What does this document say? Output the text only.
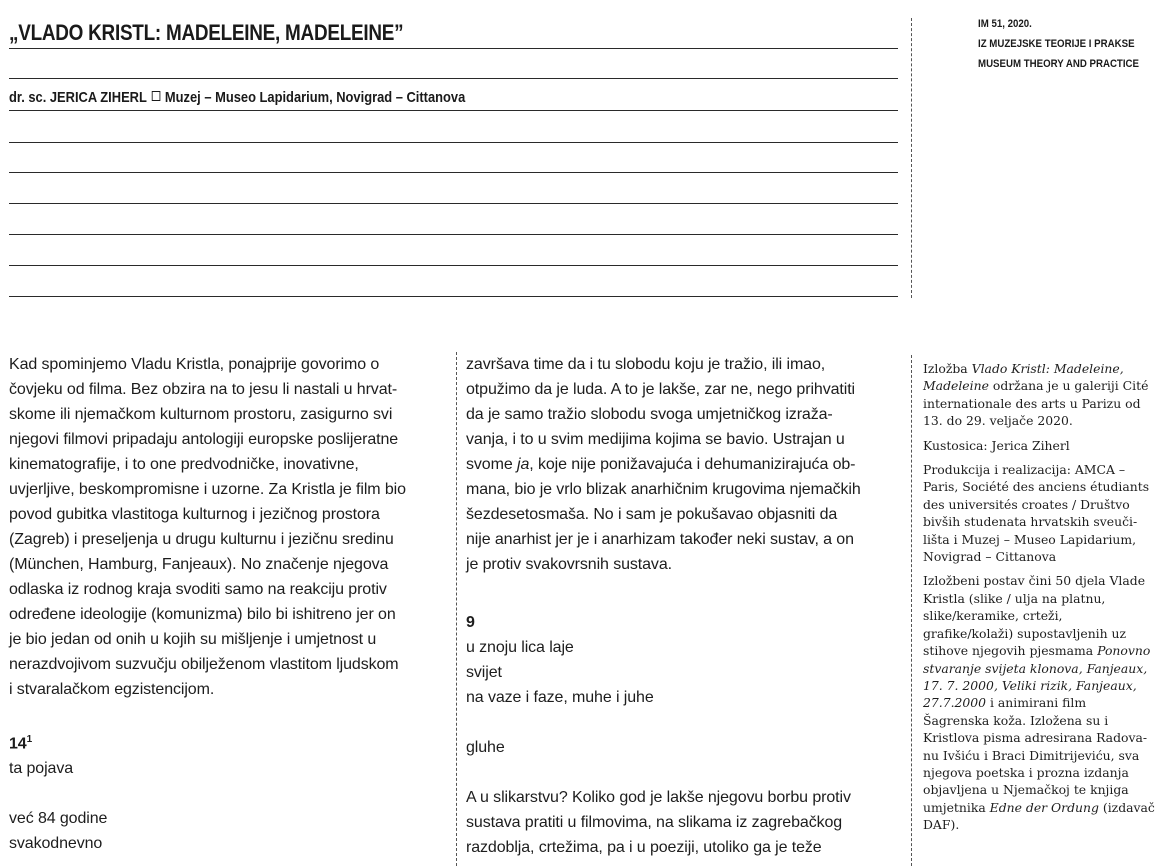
„VLADO KRISTL: MADELEINE, MADELEINE”
dr. sc. JERICA ZIHERL Muzej – Museo Lapidarium, Novigrad – Cittanova
IM 51, 2020.
IZ MUZEJSKE TEORIJE I PRAKSE
MUSEUM THEORY AND PRACTICE

Kad spominjemo Vladu Kristla, ponajprije govorimo o

čovjeku od filma. Bez obzira na to jesu li nastali u hrvat-

skome ili njemačkom kulturnom prostoru, zasigurno svi

njegovi filmovi pripadaju antologiji europske poslijeratne

kinematografije, i to one predvodničke, inovativne,

uvjerljive, beskompromisne i uzorne. Za Kristla je film bio

povod gubitka vlastitoga kulturnog i jezičnog prostora

(Zagreb) i preseljenja u drugu kulturnu i jezičnu sredinu

(München, Hamburg, Fanjeaux). No značenje njegova

odlaska iz rodnog kraja svoditi samo na reakciju protiv

određene ideologije (komunizma) bilo bi ishitreno jer on

je bio jedan od onih u kojih su mišljenje i umjetnost u

nerazdvojivom suzvučju obilježenom vlastitom ljudskom

i stvaralačkom egzistencijom.

$14^1$

ta pojava

već 84 godine

svakodnevno

završava time da i tu slobodu koju je tražio, ili imao,

otpužimo da je luda. A to je lakše, zar ne, nego prihvatiti

da je samo tražio slobodu svoga umjetničkog izraža-

vanja, i to u svim medijima kojima se bavio. Ustrajan u

svome ja, koje nije ponižavajuća i dehumanizirajuća ob-

mana, bio je vrlo blizak anarhičnim krugovima njemačkih

šezdesetosmaša. No i sam je pokušavao objasniti da

nije anarhist jer je i anarhizam također neki sustav, a on

je protiv svakovrsnih sustava.

9

u znoju lica laje

svijet

na vaze i faze, muhe i juhe

gluhe

A u slikarstvu? Koliko god je lakše njegovu borbu protiv

sustava pratiti u filmovima, na slikama iz zagrebačkog

razdoblja, crtežima, pa i u poeziji, utoliko ga je teže

Izložba Vlado Kristl: Madeleine, Madeleine održana je u galeriji Cité internationale des arts u Parizu od 13. do 29. veljače 2020.

Kustosica: Jerica Ziherl

Produkcija i realizacija: AMCA – Paris, Société des anciens étudiants des universités croates / Društvo bivših studenata hrvatskih sveuči-lišta i Muzej – Museo Lapidarium, Novigrad – Cittanova

Izložbeni postav čini 50 djela Vlade Kristla (slike / ulja na platnu, slike/keramike, crteži, grafike/kolaži) supostavljenih uz stihove njegovih pjesmama Ponovno stvaranje svijeta klonova, Fanjeaux, 17. 7. 2000, Veliki rizik, Fanjeaux, 27.7.2000 i animirani film Šagrenska koža. Izložena su i Kristlova pisma adresirana Radova-nu Ivšiću i Braci Dimitrijeviću, sva njegova poetska i prozna izdanja objavljena u Njemačkoj te knjiga umjetnika Edne der Ordung (izdavač DAF).
